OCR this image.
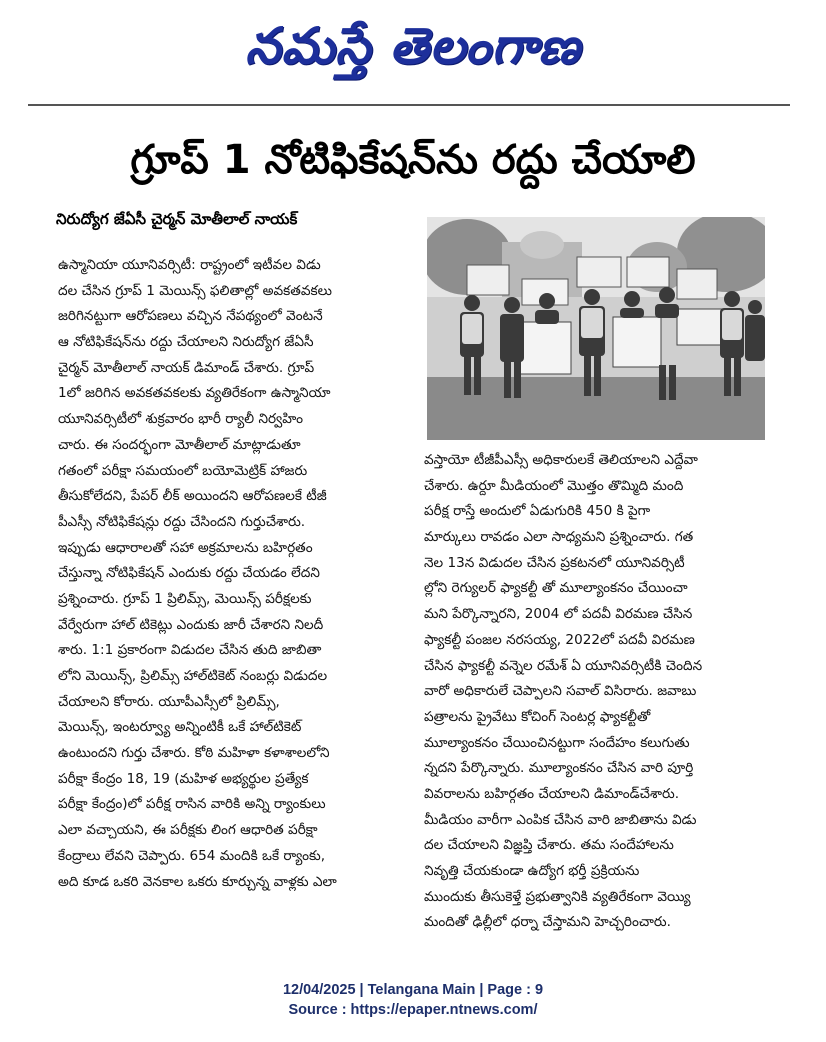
నమస్తే తెలంగాణ
గ్రూప్ 1 నోటిఫికేషన్‌ను రద్దు చేయాలి
నిరుద్యోగ జేఏసీ చైర్మన్ మోతీలాల్ నాయక్
ఉస్మానియా యూనివర్సిటీ: రాష్ట్రంలో ఇటీవల విడు
దల చేసిన గ్రూప్ 1 మెయిన్స్ ఫలితాల్లో అవకతవకలు
జరిగినట్టుగా ఆరోపణలు వచ్చిన నేపథ్యంలో వెంటనే
ఆ నోటిఫికేషన్‌ను రద్దు చేయాలని నిరుద్యోగ జేఏసీ
చైర్మన్ మోతీలాల్ నాయక్ డిమాండ్ చేశారు. గ్రూప్
1లో జరిగిన అవకతవకలకు వ్యతిరేకంగా ఉస్మానియా
యూనివర్సిటీలో శుక్రవారం భారీ ర్యాలీ నిర్వహిం
చారు. ఈ సందర్భంగా మోతీలాల్ మాట్లాడుతూ
గతంలో పరీక్షా సమయంలో బయోమెట్రిక్ హాజరు
తీసుకోలేదని, పేపర్ లీక్ అయిందని ఆరోపణలకే టీజీ
పీఎస్సీ నోటిఫికేషన్లు రద్దు చేసిందని గుర్తుచేశారు.
ఇప్పుడు ఆధారాలతో సహా అక్రమాలను బహిర్గతం
చేస్తున్నా నోటిఫికేషన్ ఎందుకు రద్దు చేయడం లేదని
ప్రశ్నించారు. గ్రూప్ 1 ప్రిలిమ్స్, మెయిన్స్ పరీక్షలకు
వేర్వేరుగా హాల్ టికెట్లు ఎందుకు జారీ చేశారని నిలదీ
శారు. 1:1 ప్రకారంగా విడుదల చేసిన తుది జాబితా
లోని మెయిన్స్, ప్రిలిమ్స్ హాల్‌టికెట్ నంబర్లు విడుదల
చేయాలని కోరారు. యూపీఎస్సీలో ప్రిలిమ్స్,
మెయిన్స్, ఇంటర్వ్యూ అన్నింటికీ ఒకే హాల్‌టికెట్
ఉంటుందని గుర్తు చేశారు. కోఠి మహిళా కళాశాలలోని
పరీక్షా కేంద్రం 18, 19 (మహిళ అభ్యర్థుల ప్రత్యేక
పరీక్షా కేంద్రం)లో పరీక్ష రాసిన వారికి అన్ని ర్యాంకులు
ఎలా వచ్చాయని, ఈ పరీక్షకు లింగ ఆధారిత పరీక్షా
కేంద్రాలు లేవని చెప్పారు. 654 మందికి ఒకే ర్యాంకు,
అది కూడ ఒకరి వెనకాల ఒకరు కూర్చున్న వాళ్లకు ఎలా
వస్తాయో టీజీపీఎస్సీ అధికారులకే తెలియాలని ఎద్దేవా
చేశారు. ఉర్దూ మీడియంలో మొత్తం తొమ్మిది మంది
పరీక్ష రాస్తే అందులో ఏడుగురికి 450 కి పైగా
మార్కులు రావడం ఎలా సాధ్యమని ప్రశ్నించారు. గత
నెల 13న విడుదల చేసిన ప్రకటనలో యూనివర్సిటీ
ల్లోని రెగ్యులర్ ఫ్యాకల్టీ తో మూల్యాంకనం చేయించా
మని పేర్కొన్నారని, 2004 లో పదవీ విరమణ చేసిన
ఫ్యాకల్టీ పంజల నరసయ్య, 2022లో పదవీ విరమణ
చేసిన ఫ్యాకల్టీ వన్నెల రమేశ్ ఏ యూనివర్సిటీకి చెందిన
వారో అధికారులే చెప్పాలని సవాల్ విసిరారు. జవాబు
పత్రాలను ప్రైవేటు కోచింగ్ సెంటర్ల ఫ్యాకల్టీతో
మూల్యాంకనం చేయించినట్టుగా సందేహం కలుగుతు
న్నదని పేర్కొన్నారు. మూల్యాంకనం చేసిన వారి పూర్తి
వివరాలను బహిర్గతం చేయాలని డిమాండ్‌చేశారు.
మీడియం వారీగా ఎంపిక చేసిన వారి జాబితాను విడు
దల చేయాలని విజ్ఞప్తి చేశారు. తమ సందేహాలను
నివృత్తి చేయకుండా ఉద్యోగ భర్తీ ప్రక్రియను
ముందుకు తీసుకెళ్తే ప్రభుత్వానికి వ్యతిరేకంగా వెయ్యి
మందితో ఢిల్లీలో ధర్నా చేస్తామని హెచ్చరించారు.
12/04/2025 | Telangana Main | Page : 9
Source : https://epaper.ntnews.com/
